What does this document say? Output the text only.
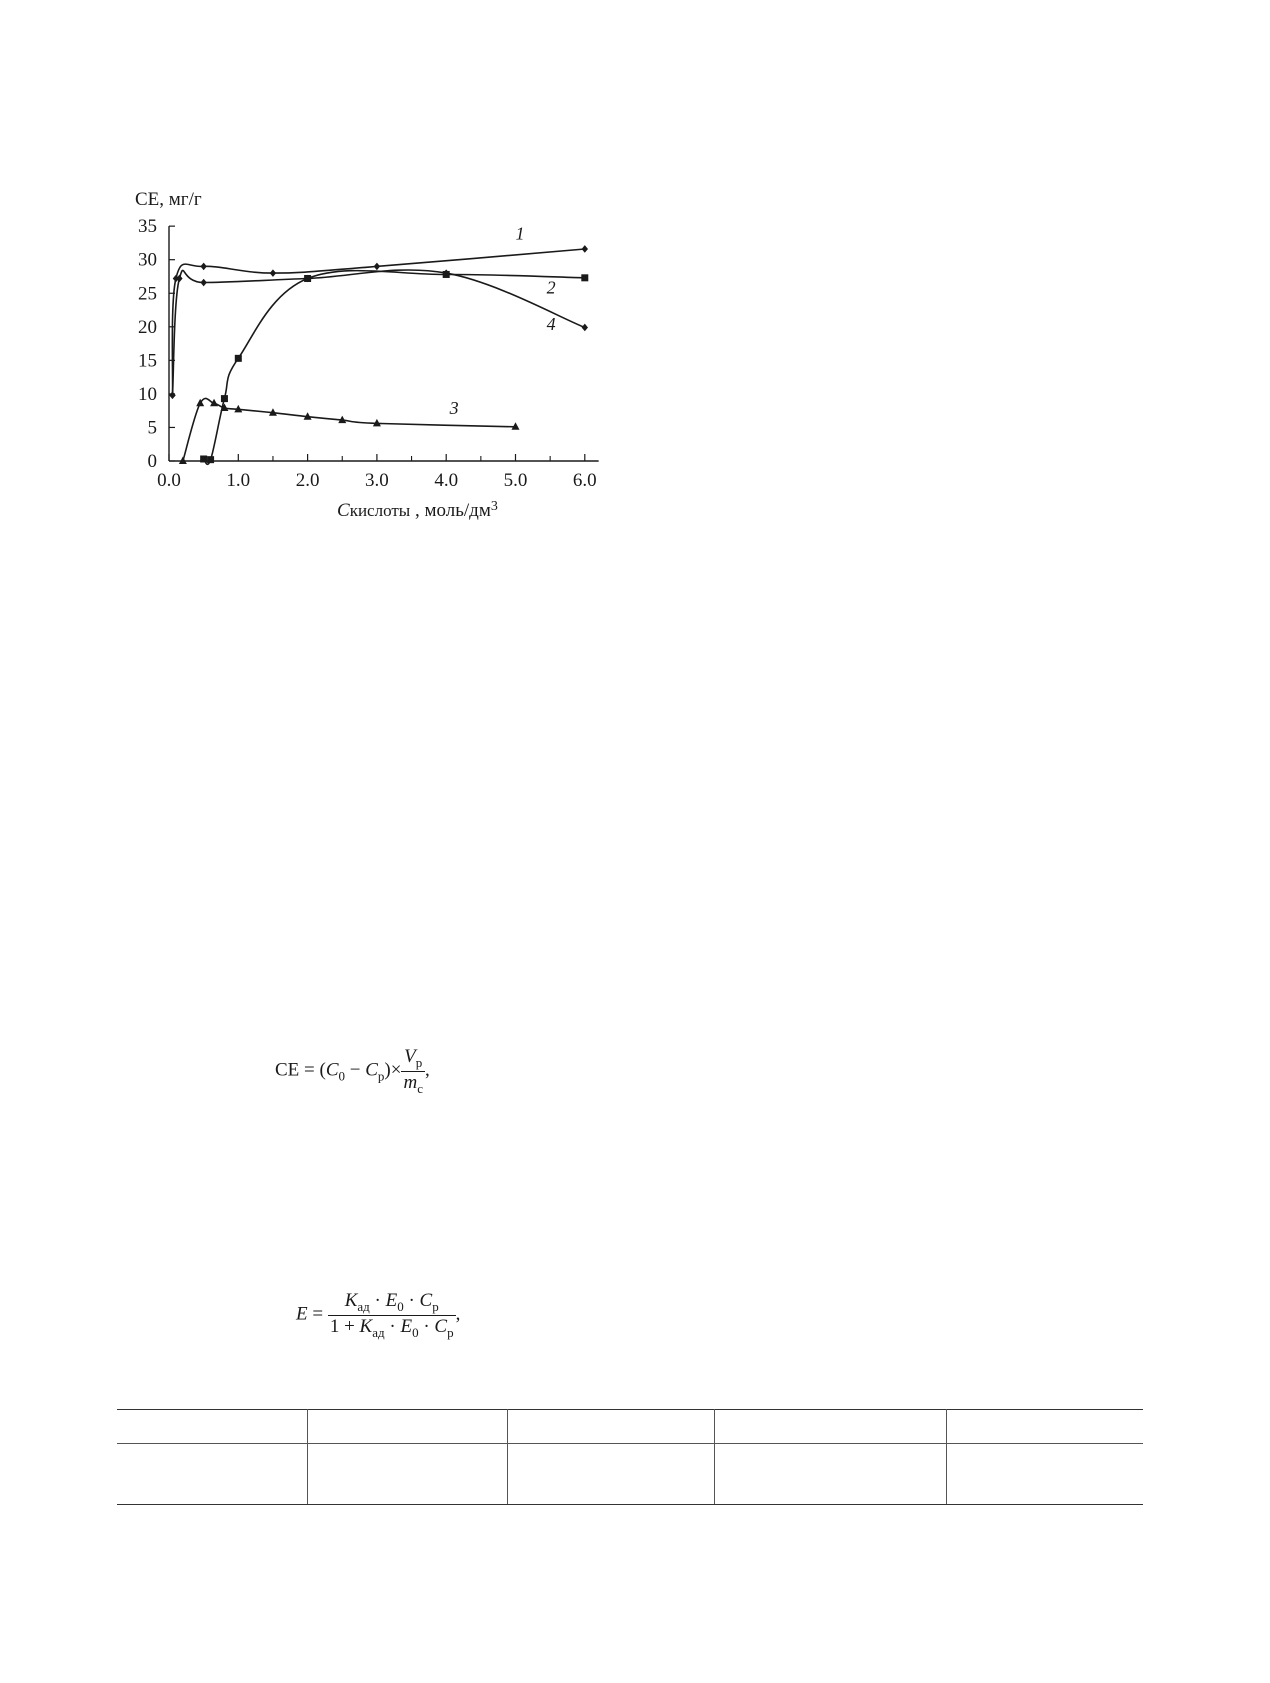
0.0 1.0 2.0 3.0 4.0 5.0 6.0
0
5
10
15
20
25
30
35	1
2
3
4
CE, мг/г
Cкислоты , моль/$дм^3$
CE = $(C_0 - C_р)\times \frac{V_р}{m_с}$ ,
$E = \frac{K_{ад} \cdot E_0 \cdot C_р}{1 + K_{ад} \cdot E_0 \cdot C_р}$ ,
